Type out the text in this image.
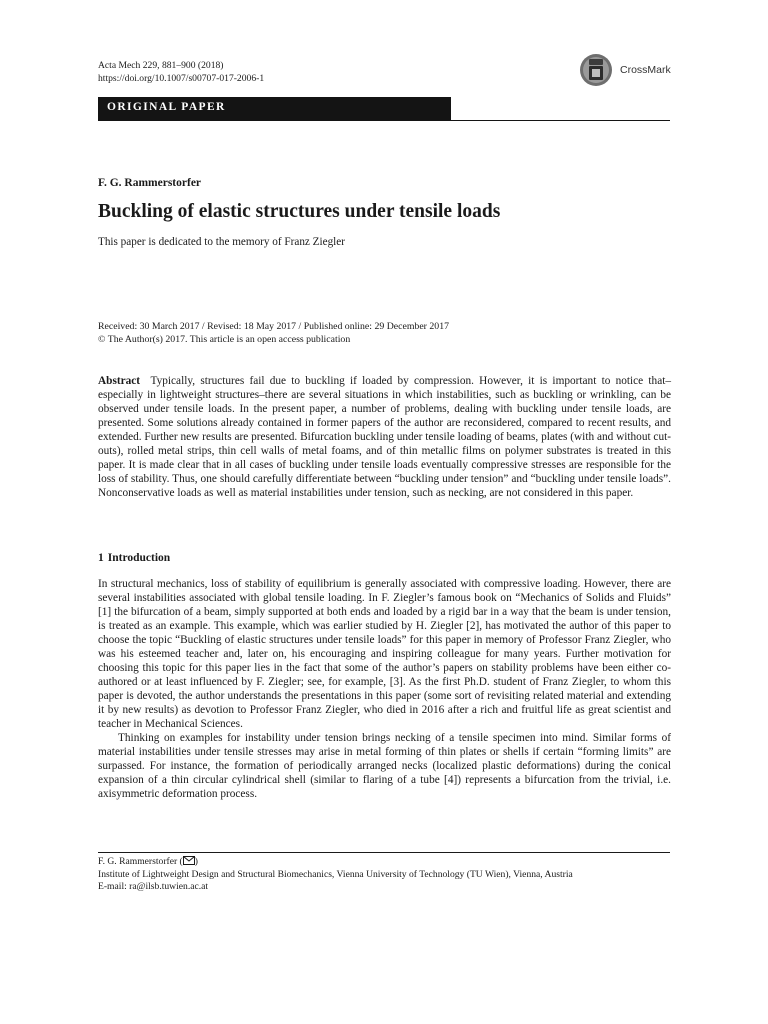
Acta Mech 229, 881–900 (2018)
https://doi.org/10.1007/s00707-017-2006-1
CrossMark
ORIGINAL PAPER
F. G. Rammerstorfer
Buckling of elastic structures under tensile loads
This paper is dedicated to the memory of Franz Ziegler
Received: 30 March 2017 / Revised: 18 May 2017 / Published online: 29 December 2017
© The Author(s) 2017. This article is an open access publication

Abstract Typically, structures fail due to buckling if loaded by compression. However, it is important to notice that–especially in lightweight structures–there are several situations in which instabilities, such as buckling or wrinkling, can be observed under tensile loads. In the present paper, a number of problems, dealing with buckling under tensile loads, are presented. Some solutions already contained in former papers of the author are reconsidered, compared to recent results, and extended. Further new results are presented. Bifurcation buckling under tensile loading of beams, plates (with and without cut-outs), rolled metal strips, thin cell walls of metal foams, and of thin metallic films on polymer substrates is treated in this paper. It is made clear that in all cases of buckling under tensile loads eventually compressive stresses are responsible for the loss of stability. Thus, one should carefully differentiate between “buckling under tension” and “buckling under tensile loads”. Nonconservative loads as well as material instabilities under tension, such as necking, are not considered in this paper.

1 Introduction

In structural mechanics, loss of stability of equilibrium is generally associated with compressive loading. However, there are several instabilities associated with global tensile loading. In F. Ziegler’s famous book on “Mechanics of Solids and Fluids” [1] the bifurcation of a beam, simply supported at both ends and loaded by a rigid bar in a way that the beam is under tension, is treated as an example. This example, which was earlier studied by H. Ziegler [2], has motivated the author of this paper to choose the topic “Buckling of elastic structures under tensile loads” for this paper in memory of Professor Franz Ziegler, who was his esteemed teacher and, later on, his encouraging and inspiring colleague for many years. Further motivation for choosing this topic for this paper lies in the fact that some of the author’s papers on stability problems have been either co-authored or at least influenced by F. Ziegler; see, for example, [3]. As the first Ph.D. student of Franz Ziegler, to whom this paper is devoted, the author understands the presentations in this paper (some sort of revisiting related material and extending it by new results) as devotion to Professor Franz Ziegler, who died in 2016 after a rich and fruitful life as great scientist and teacher in Mechanical Sciences.

Thinking on examples for instability under tension brings necking of a tensile specimen into mind. Similar forms of material instabilities under tensile stresses may arise in metal forming of thin plates or shells if certain “forming limits” are surpassed. For instance, the formation of periodically arranged necks (localized plastic deformations) during the conical expansion of a thin circular cylindrical shell (similar to flaring of a tube [4]) represents a bifurcation from the trivial, i.e. axisymmetric deformation process.

F. G. Rammerstorfer ( )
Institute of Lightweight Design and Structural Biomechanics, Vienna University of Technology (TU Wien), Vienna, Austria
E-mail: ra@ilsb.tuwien.ac.at
